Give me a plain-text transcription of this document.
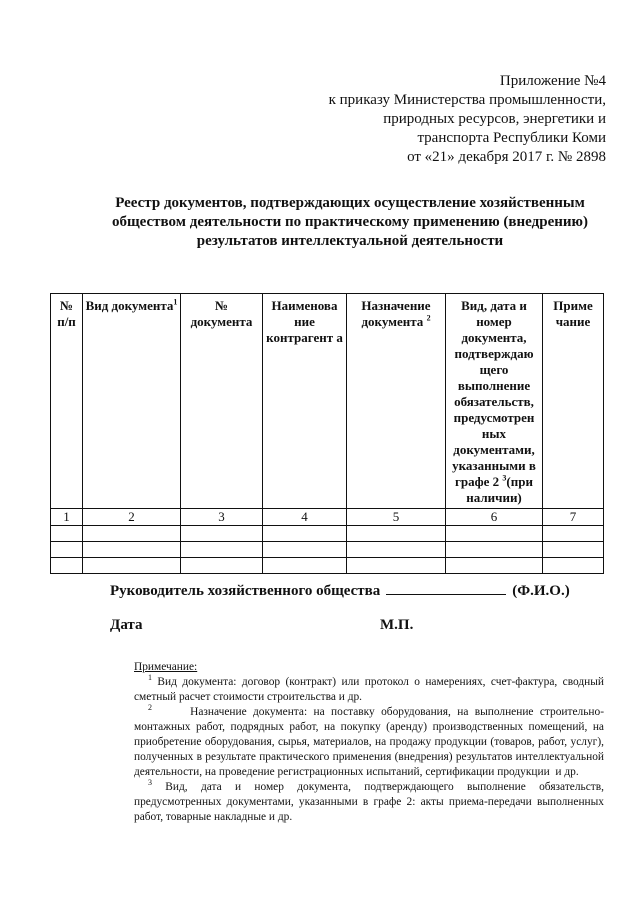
Приложение №4
к приказу Министерства промышленности,
природных ресурсов, энергетики и
транспорта Республики Коми
от «21» декабря 2017 г. № 2898
Реестр документов, подтверждающих осуществление хозяйственным
обществом деятельности по практическому применению (внедрению)
результатов интеллектуальной деятельности
№ п/п	Вид документа$^1$	№ документа	Наименова ние контрагент а	Назначение документа $^2$	Вид, дата и номер документа, подтверждаю щего выполнение обязательств, предусмотрен ных документами, указанными в графе 2 $^3$(при наличии)	Приме чание
1	2	3	4	5	6	7

Руководитель хозяйственного общества	(Ф.И.О.)
Дата	М.П.
Примечание:

$^1$ Вид документа: договор (контракт) или протокол о намерениях, счет-фактура, сводный сметный расчет стоимости строительства и др.

$^2$      Назначение документа: на поставку оборудования, на выполнение строительно-монтажных работ, подрядных работ, на покупку (аренду) производственных помещений, на приобретение оборудования, сырья, материалов, на продажу продукции (товаров, работ, услуг), полученных в результате практического применения (внедрения) результатов интеллектуальной деятельности, на проведение регистрационных испытаний, сертификации продукции  и др.

$^3$ Вид, дата и номер документа, подтверждающего выполнение обязательств, предусмотренных документами, указанными в графе 2: акты приема-передачи выполненных работ, товарные накладные и др.
